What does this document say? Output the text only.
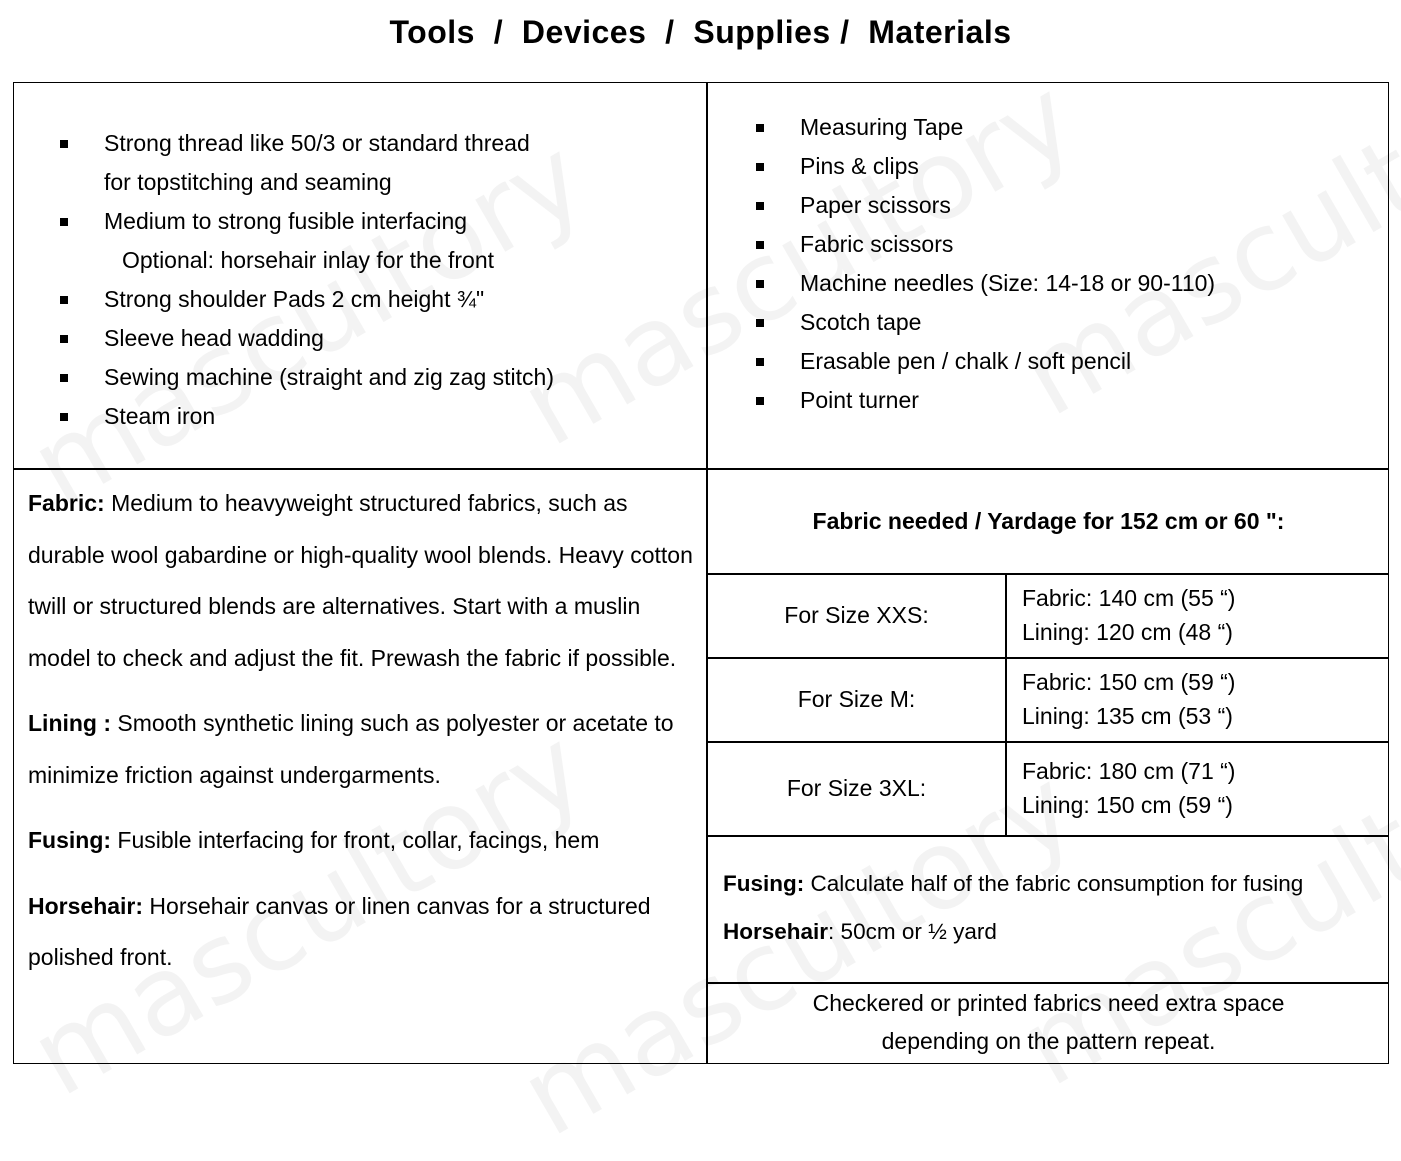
Tools  /  Devices  /  Supplies /  Materials
Strong thread like 50/3 or standard thread
for topstitching and seaming
Medium to strong fusible interfacing
Optional: horsehair inlay for the front
Strong shoulder Pads 2 cm height ¾"
Sleeve head wadding
Sewing machine (straight and zig zag stitch)
Steam iron
Measuring Tape
Pins & clips
Paper scissors
Fabric scissors
Machine needles (Size: 14-18 or 90-110)
Scotch tape
Erasable pen / chalk / soft pencil
Point turner
Fabric: Medium to heavyweight structured fabrics, such as durable wool gabardine or high-quality wool blends. Heavy cotton twill or structured blends are alternatives. Start with a muslin model to check and adjust the fit. Prewash the fabric if possible.
Lining : Smooth synthetic lining such as polyester or acetate to minimize friction against undergarments.
Fusing: Fusible interfacing for front, collar, facings, hem
Horsehair: Horsehair canvas or linen canvas for a structured polished front.
Fabric needed / Yardage for 152 cm or 60 ":
For Size XXS:
Fabric: 140 cm (55 “)
Lining: 120 cm (48 “)
For Size M:
Fabric: 150 cm (59 “)
Lining: 135 cm (53 “)
For Size 3XL:
Fabric: 180 cm (71 “)
Lining: 150 cm (59 “)
Fusing: Calculate half of the fabric consumption for fusing
Horsehair: 50cm or ½ yard
Checkered or printed fabrics need extra space
depending on the pattern repeat.
